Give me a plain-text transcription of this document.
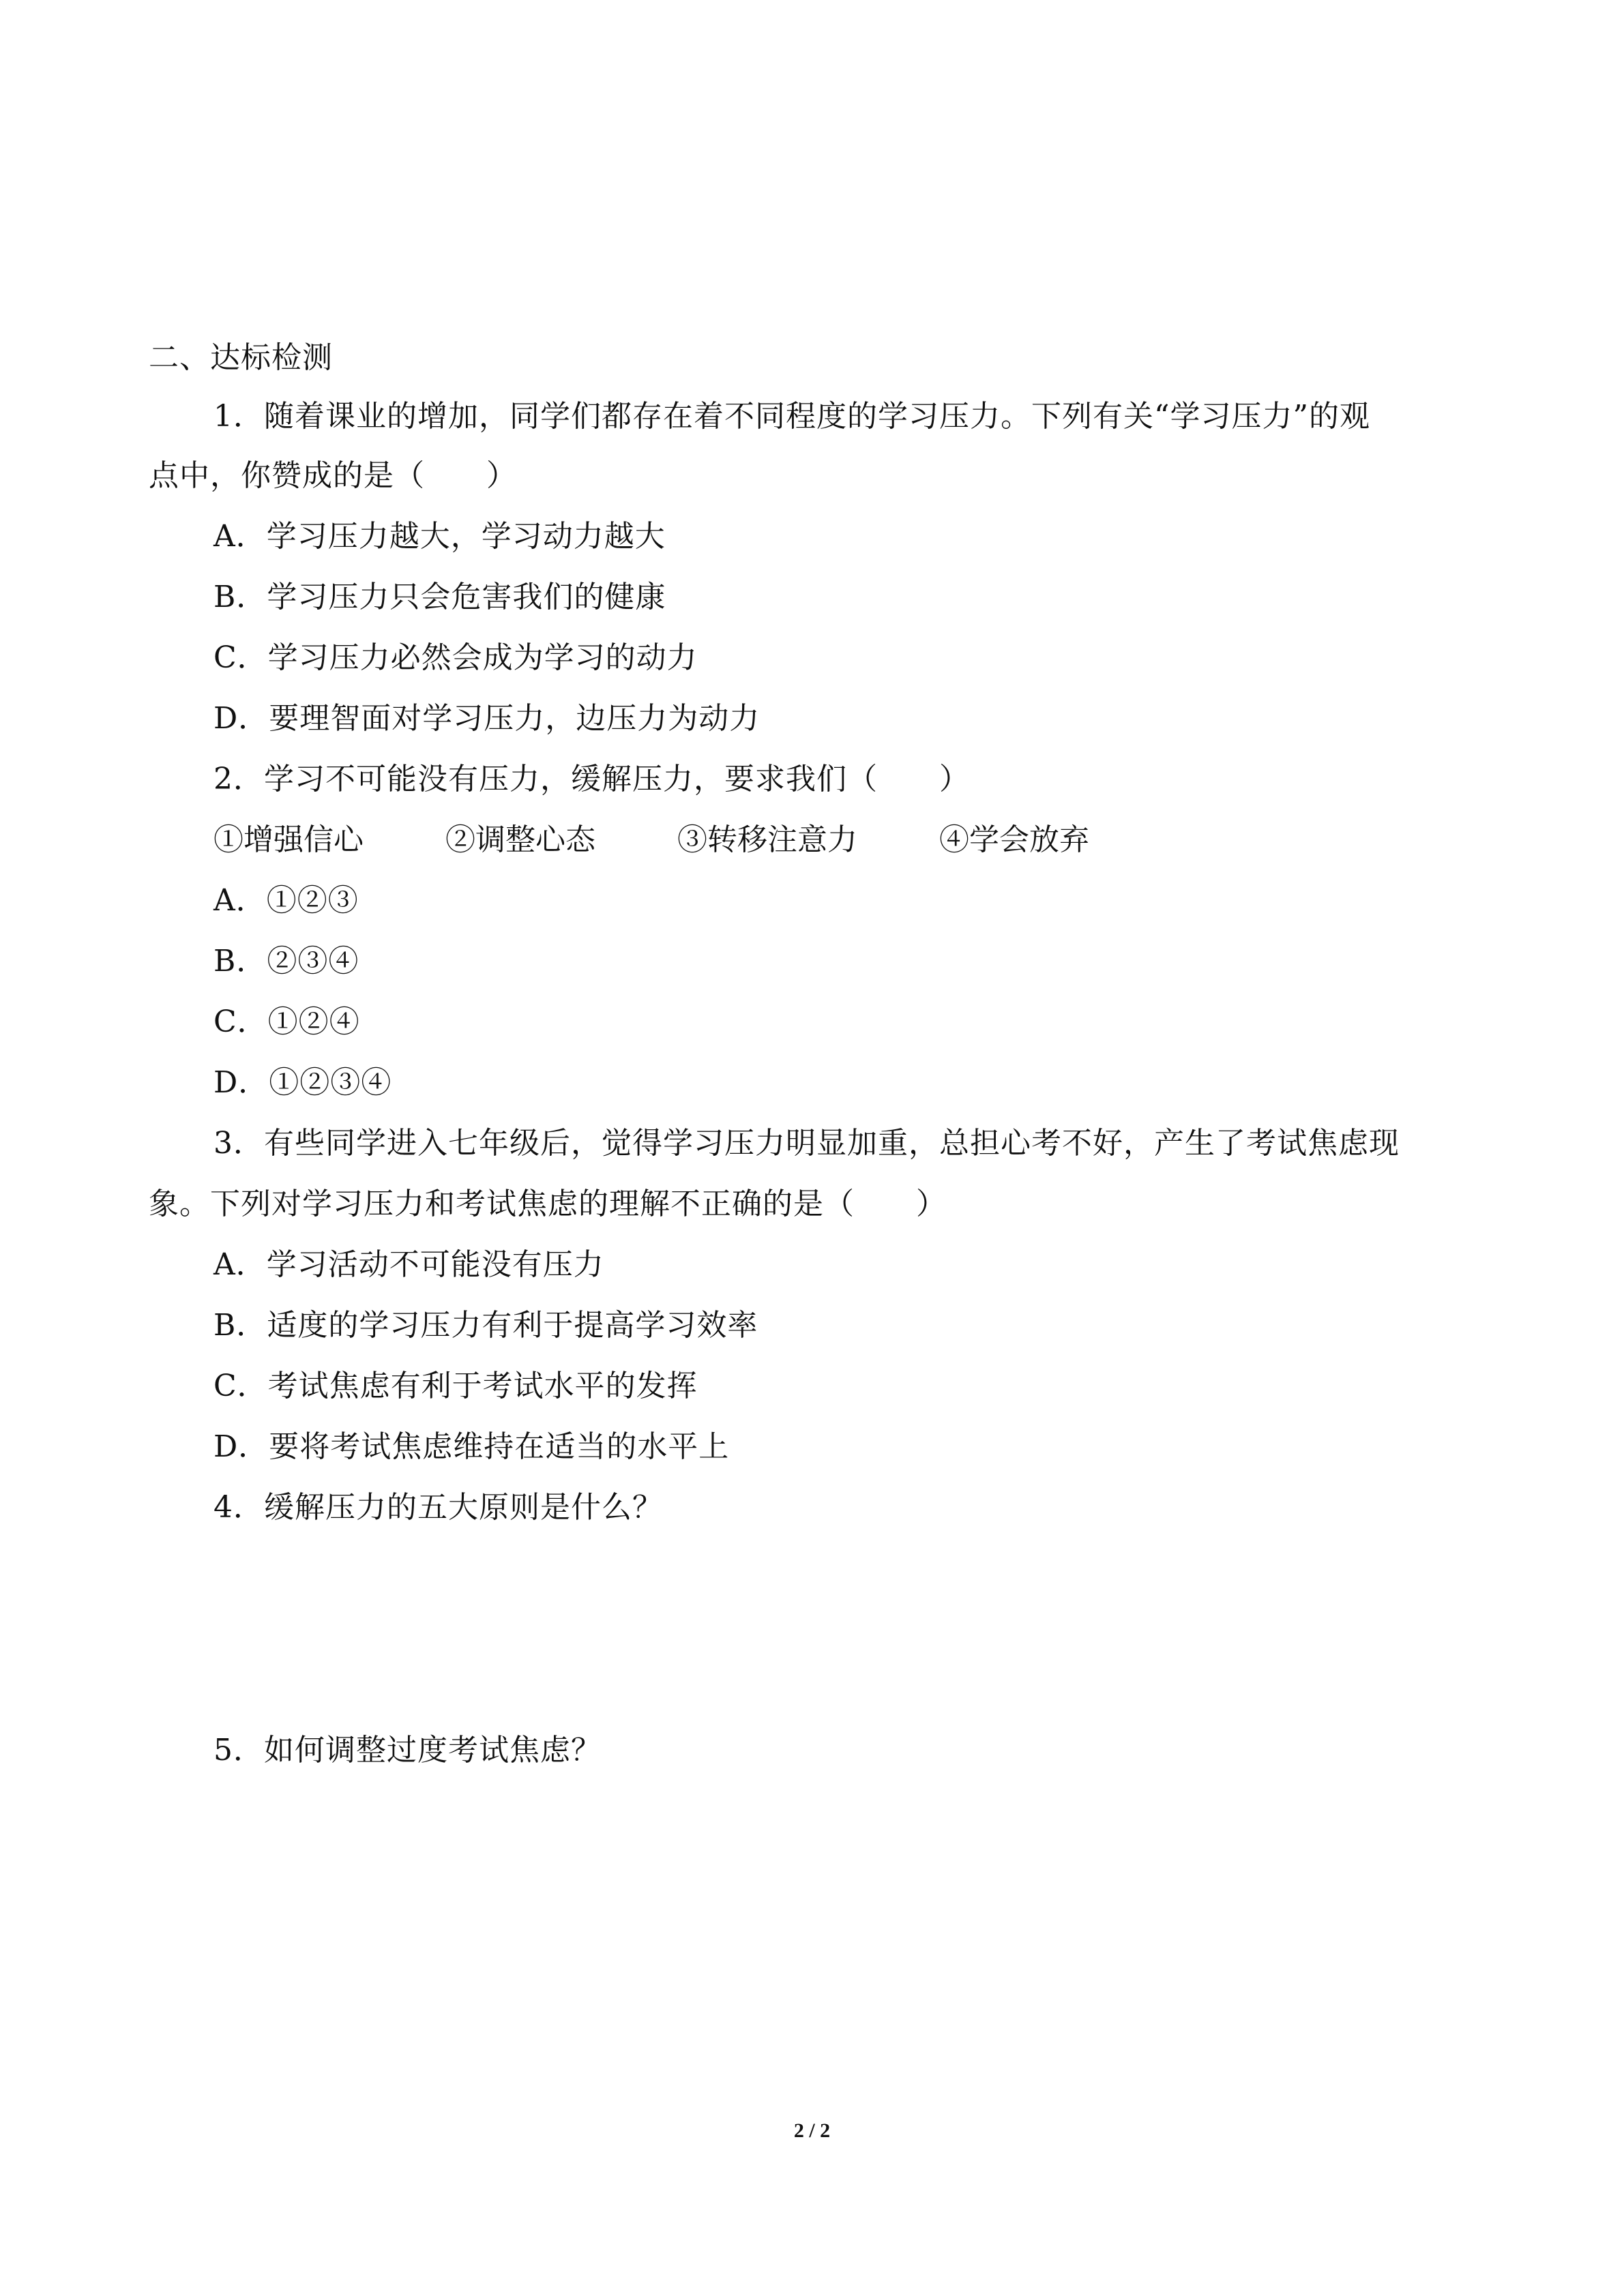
二、达标检测
1．随着课业的增加，同学们都存在着不同程度的学习压力。下列有关“学习压力”的观
点中，你赞成的是（　　）
A．学习压力越大，学习动力越大
B．学习压力只会危害我们的健康
C．学习压力必然会成为学习的动力
D．要理智面对学习压力，边压力为动力
2．学习不可能没有压力，缓解压力，要求我们（　　）
①增强信心	②调整心态	③转移注意力	④学会放弃
A．①②③
B．②③④
C．①②④
D．①②③④
3．有些同学进入七年级后，觉得学习压力明显加重，总担心考不好，产生了考试焦虑现
象。下列对学习压力和考试焦虑的理解不正确的是（　　）
A．学习活动不可能没有压力
B．适度的学习压力有利于提高学习效率
C．考试焦虑有利于考试水平的发挥
D．要将考试焦虑维持在适当的水平上
4．缓解压力的五大原则是什么？
5．如何调整过度考试焦虑？
2 / 2
